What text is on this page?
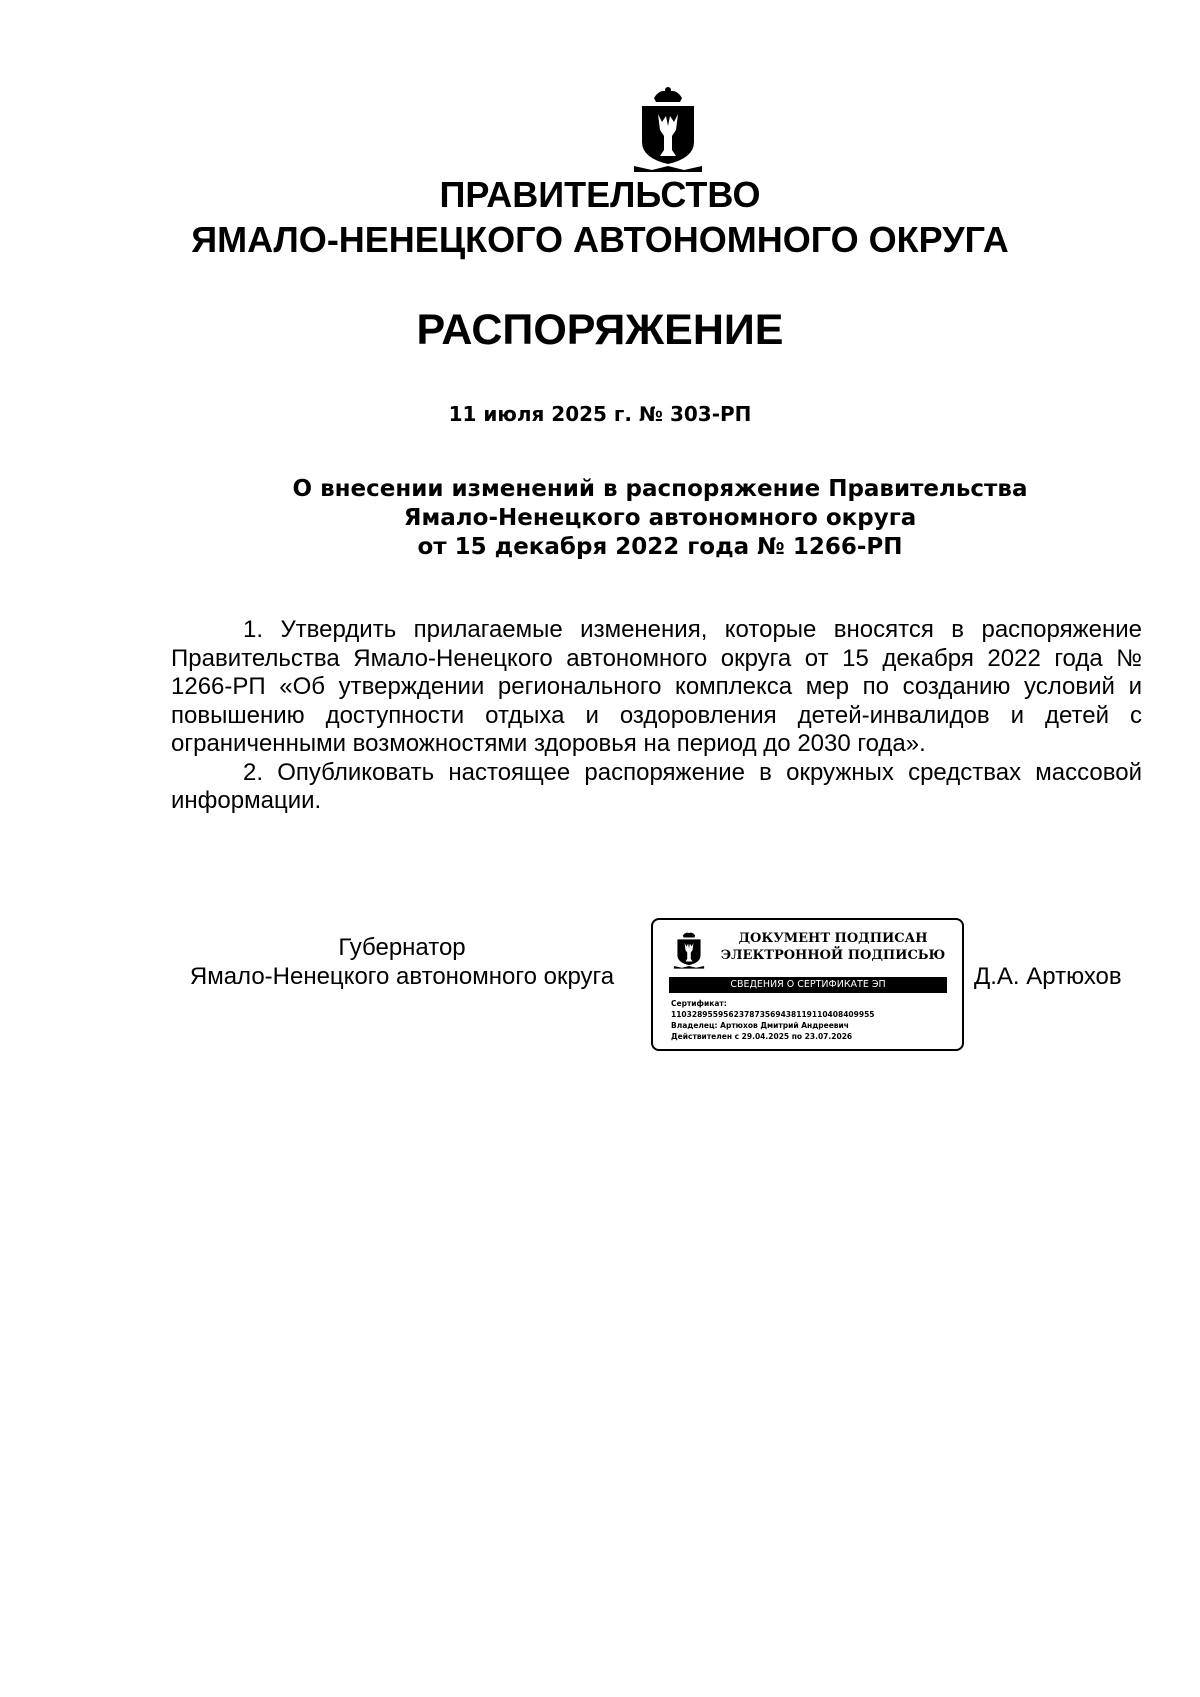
ПРАВИТЕЛЬСТВО
ЯМАЛО-НЕНЕЦКОГО АВТОНОМНОГО ОКРУГА
РАСПОРЯЖЕНИЕ
11 июля 2025 г. № 303-РП
О внесении изменений в распоряжение Правительства
Ямало-Ненецкого автономного округа
от 15 декабря 2022 года № 1266-РП

1. Утвердить прилагаемые изменения, которые вносятся в распоряжение Правительства Ямало-Ненецкого автономного округа от 15 декабря 2022 года № 1266-РП «Об утверждении регионального комплекса мер по созданию условий и повышению доступности отдыха и оздоровления детей-инвалидов и детей с ограниченными возможностями здоровья на период до 2030 года».

2. Опубликовать настоящее распоряжение в окружных средствах массовой информации.

Губернатор
Ямало-Ненецкого автономного округа
ДОКУМЕНТ ПОДПИСАН
ЭЛЕКТРОННОЙ ПОДПИСЬЮ
СВЕДЕНИЯ О СЕРТИФИКАТЕ ЭП
Сертификат:
110328955956237873569438119110408409955
Владелец: Артюхов Дмитрий Андреевич
Действителен с 29.04.2025 по 23.07.2026
Д.А. Артюхов
